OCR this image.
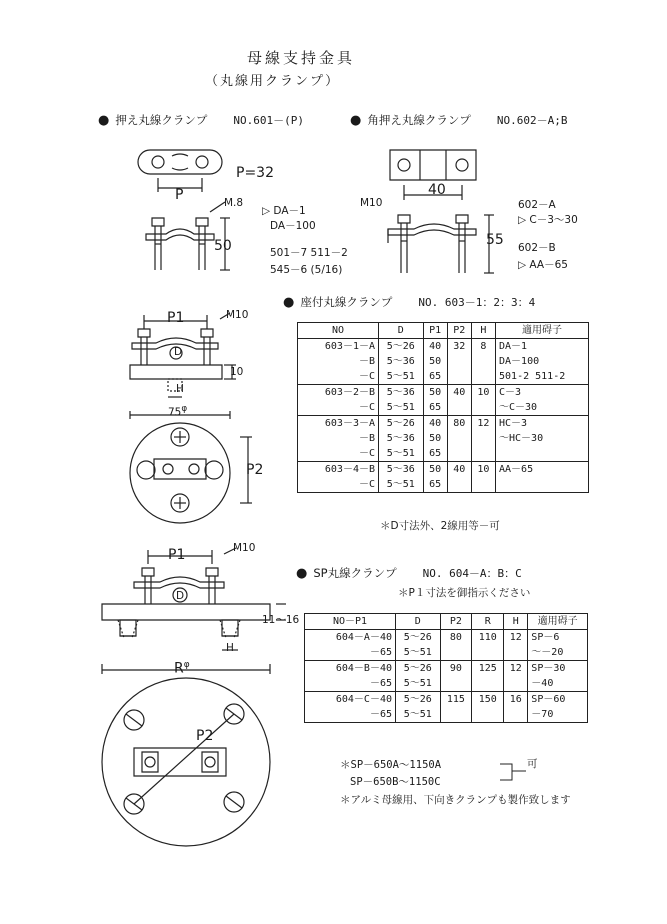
母線支持金具
（丸線用クランプ）
● 押え丸線クランプ NO.601－(P)	● 角押え丸線クランプ NO.602－A;B
P
P=32
M.8
50
▷ DA－1
DA－100
501－7 511－2
545－6 (5/16)
M10
40
55
602－A
▷ C－3～30
602－B
▷ AA－65
● 座付丸線クランプ NO. 603－1：2：3：4
P1	M10
D
10
H
$75^\varphi$
P2
NO	D	P1	P2	H	適用碍子
603－1－A	5～26	40	32	8	DA－1
－B	5～36	50			DA－100
－C	5～51	65			501-2 511-2
603－2－B	5～36	50	40	10	C－3
－C	5～51	65			～C－30
603－3－A	5～26	40	80	12	HC－3
－B	5～36	50			～HC－30
－C	5～51	65			
603－4－B	5～36	50	40	10	AA－65
－C	5～51	65			
＊D寸法外、2線用等－可
● SP丸線クランプ NO. 604－A：B：C
＊P１寸法を御指示ください
P1	M10
D
11～16
H
$R^\varphi$
P2
NO－P1	D	P2	R	H	適用碍子
604－A－40	5～26	80	110	12	SP－6
－65	5～51				～－20
604－B－40	5～26	90	125	12	SP－30
－65	5～51				－40
604－C－40	5～26	115	150	16	SP－60
－65	5～51				－70
＊SP－650A～1150A
SP－650B～1150C
可
＊アルミ母線用、下向きクランプも製作致します
